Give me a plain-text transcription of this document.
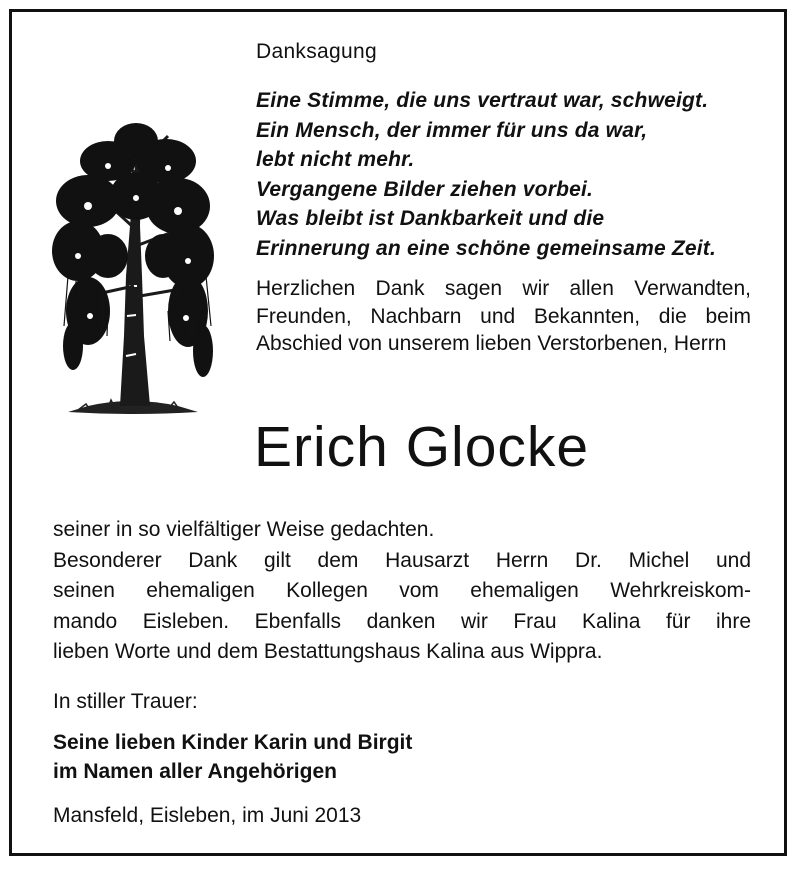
Danksagung
Eine Stimme, die uns vertraut war, schweigt.
Ein Mensch, der immer für uns da war,
lebt nicht mehr.
Vergangene Bilder ziehen vorbei.
Was bleibt ist Dankbarkeit und die
Erinnerung an eine schöne gemeinsame Zeit.
Herzlichen Dank sagen wir allen Verwandten, Freunden, Nachbarn und Bekannten, die beim Abschied von unserem lieben Verstorbenen, Herrn
Erich Glocke
seiner in so vielfältiger Weise gedachten.
Besonderer Dank gilt dem Hausarzt Herrn Dr. Michel und
seinen ehemaligen Kollegen vom ehemaligen Wehrkreiskom-
mando Eisleben. Ebenfalls danken wir Frau Kalina für ihre
lieben Worte und dem Bestattungshaus Kalina aus Wippra.
In stiller Trauer:
Seine lieben Kinder Karin und Birgit
im Namen aller Angehörigen
Mansfeld, Eisleben, im Juni 2013
